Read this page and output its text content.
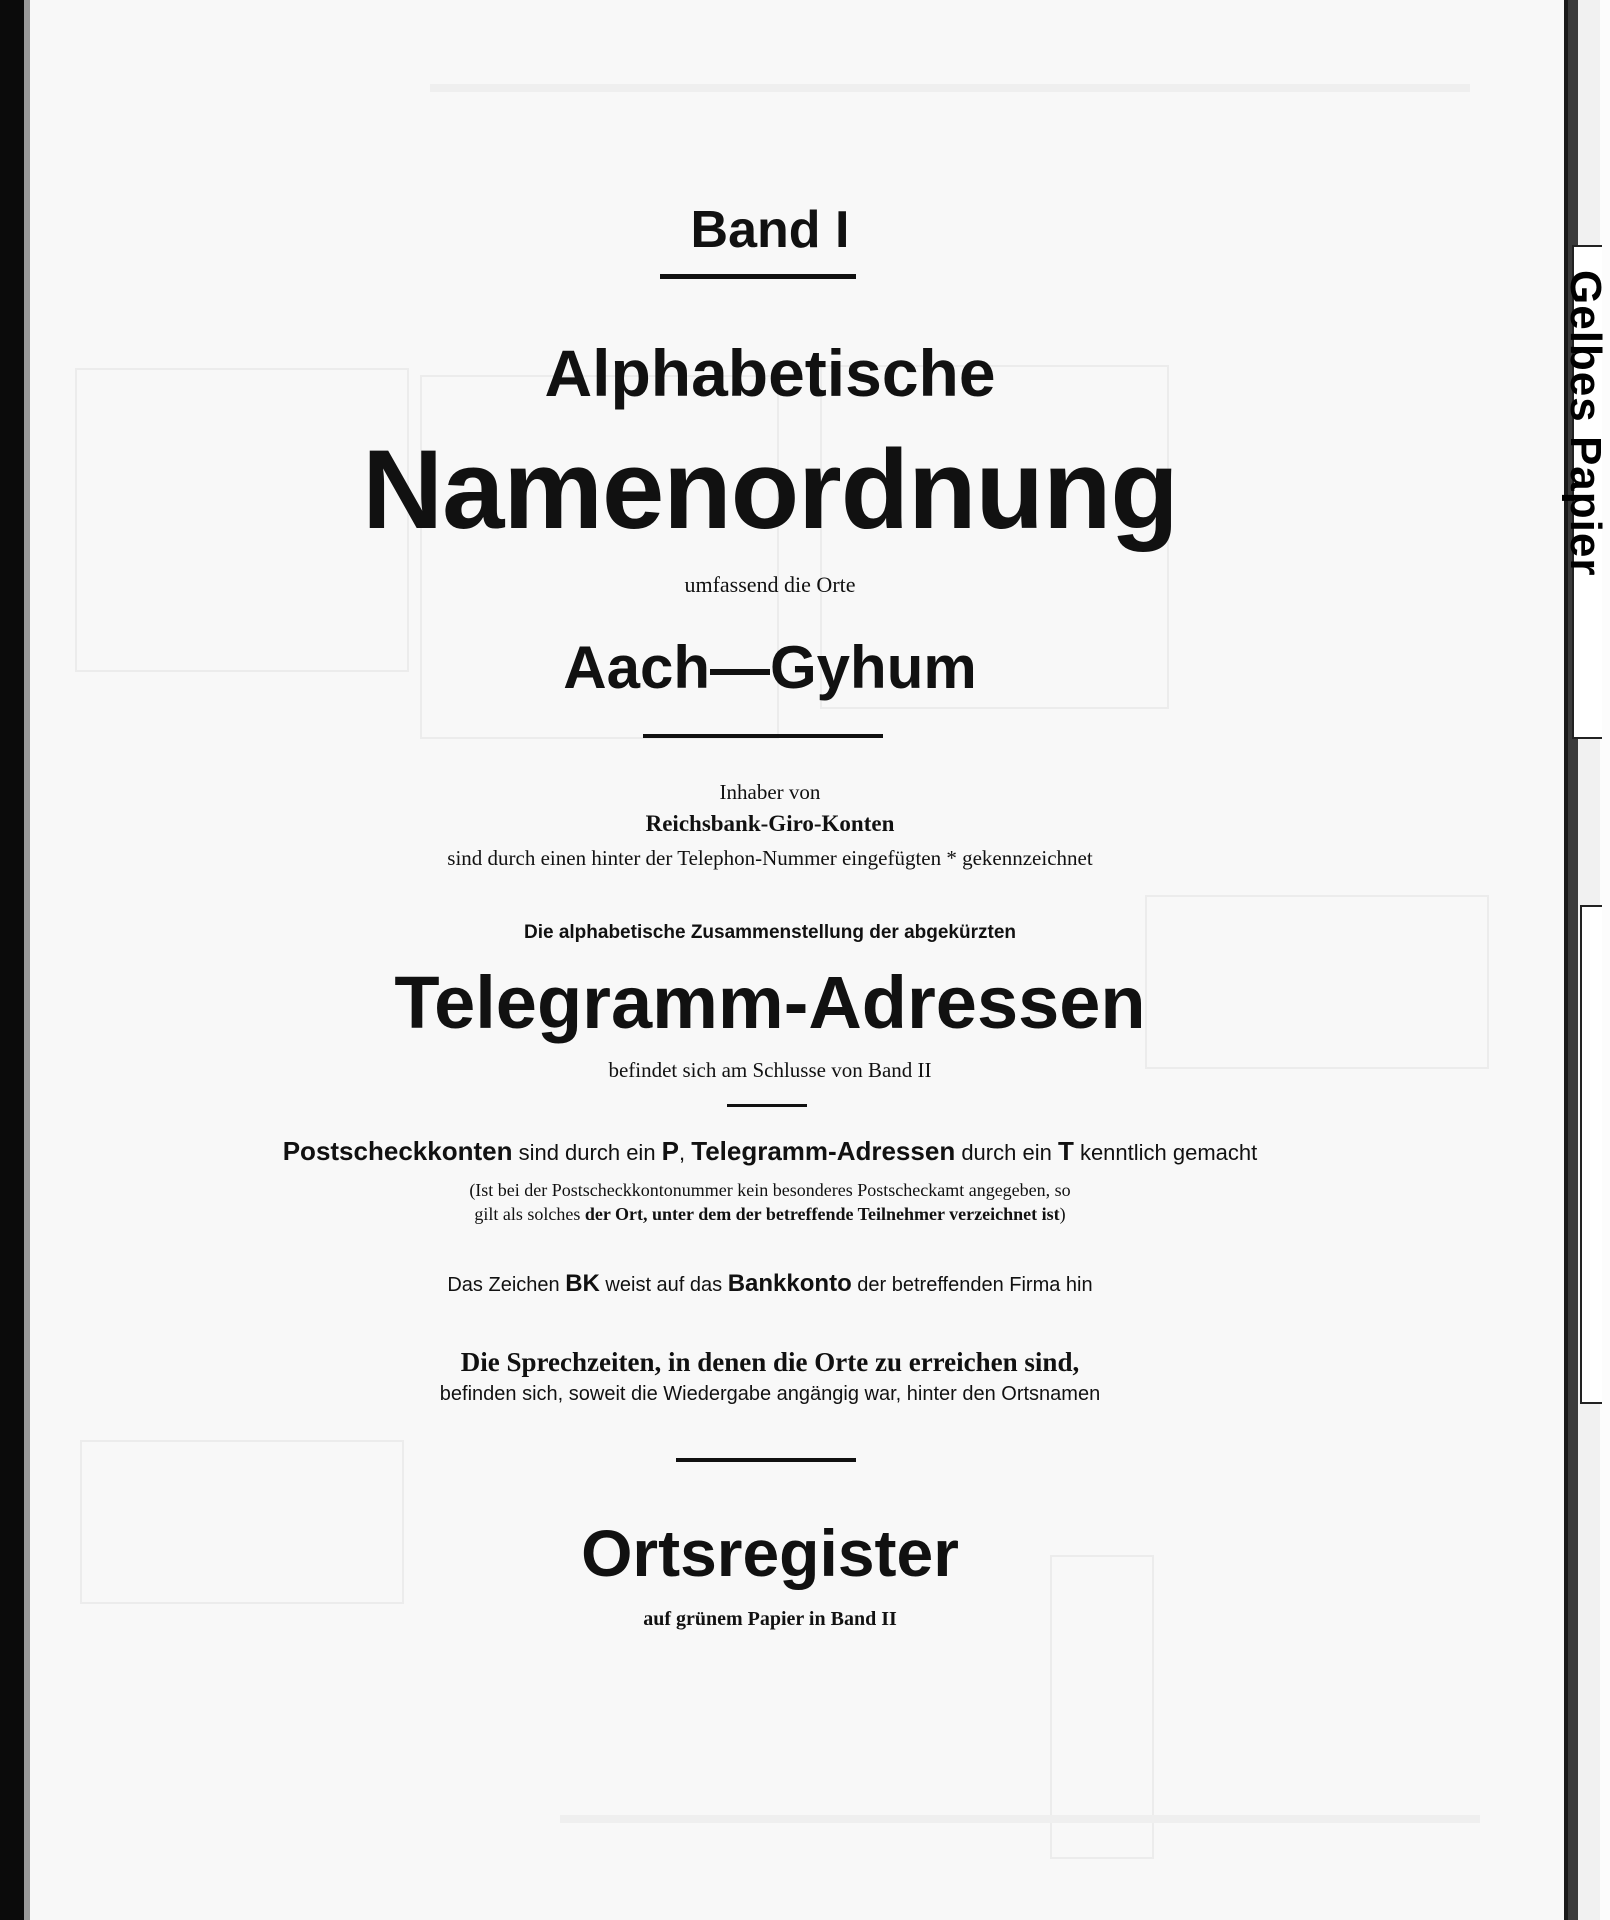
Gelbes Papier
Band I
Alphabetische
Namenordnung
umfassend die Orte
Aach—Gyhum
Inhaber von
Reichsbank-Giro-Konten
sind durch einen hinter der Telephon-Nummer eingefügten * gekennzeichnet
Die alphabetische Zusammenstellung der abgekürzten
Telegramm-Adressen
befindet sich am Schlusse von Band II
Postscheckkonten sind durch ein P, Telegramm-Adressen durch ein T kenntlich gemacht
(Ist bei der Postscheckkontonummer kein besonderes Postscheckamt angegeben, so
gilt als solches der Ort, unter dem der betreffende Teilnehmer verzeichnet ist)
Das Zeichen BK weist auf das Bankkonto der betreffenden Firma hin
Die Sprechzeiten, in denen die Orte zu erreichen sind,
befinden sich, soweit die Wiedergabe angängig war, hinter den Ortsnamen
Ortsregister
auf grünem Papier in Band II
